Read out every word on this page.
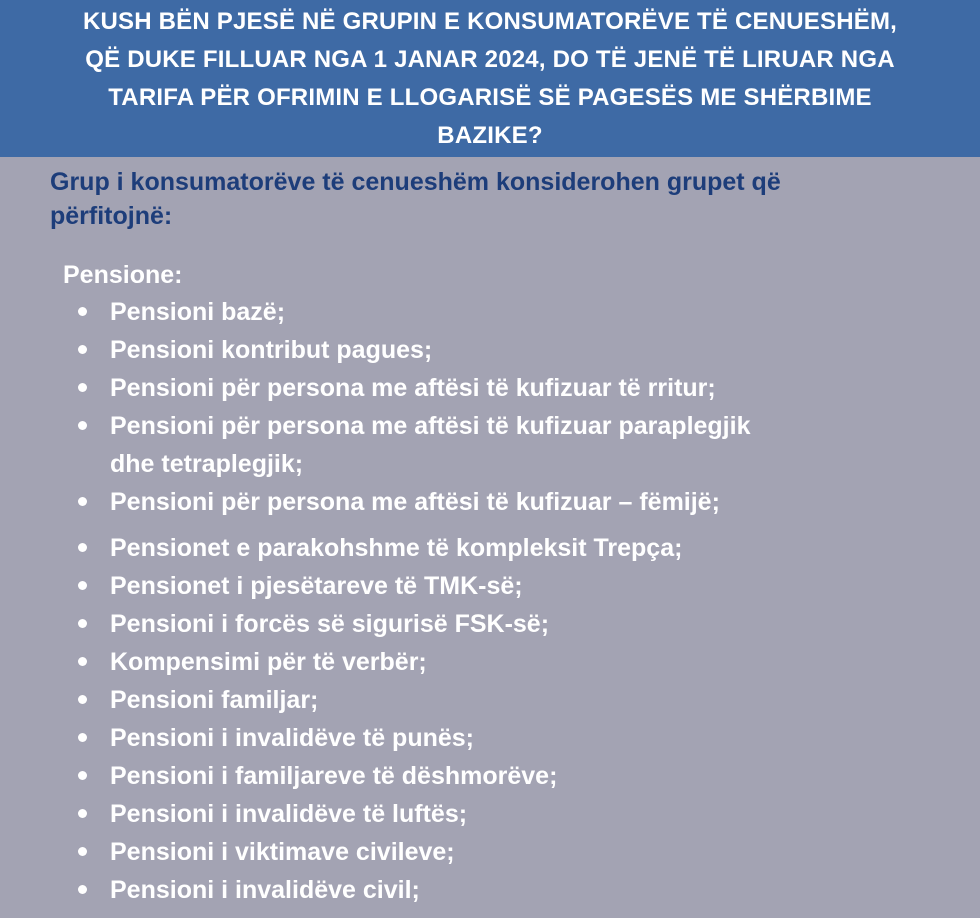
KUSH BËN PJESË NË GRUPIN E KONSUMATORËVE TË CENUESHËM,
QË DUKE FILLUAR NGA 1 JANAR 2024, DO TË JENË TË LIRUAR NGA
TARIFA PËR OFRIMIN E LLOGARISË SË PAGESËS ME SHËRBIME
BAZIKE?
Grup i konsumatorëve të cenueshëm konsiderohen grupet që
përfitojnë:
Pensione:
Pensioni bazë;
Pensioni kontribut pagues;
Pensioni për persona me aftësi të kufizuar të rritur;
Pensioni për persona me aftësi të kufizuar paraplegjik
dhe tetraplegjik;
Pensioni për persona me aftësi të kufizuar – fëmijë;
Pensionet e parakohshme të kompleksit Trepça;
Pensionet i pjesëtareve të TMK-së;
Pensioni i forcës së sigurisë FSK-së;
Kompensimi për të verbër;
Pensioni familjar;
Pensioni i invalidëve të punës;
Pensioni i familjareve të dëshmorëve;
Pensioni i invalidëve të luftës;
Pensioni i viktimave civileve;
Pensioni i invalidëve civil;
